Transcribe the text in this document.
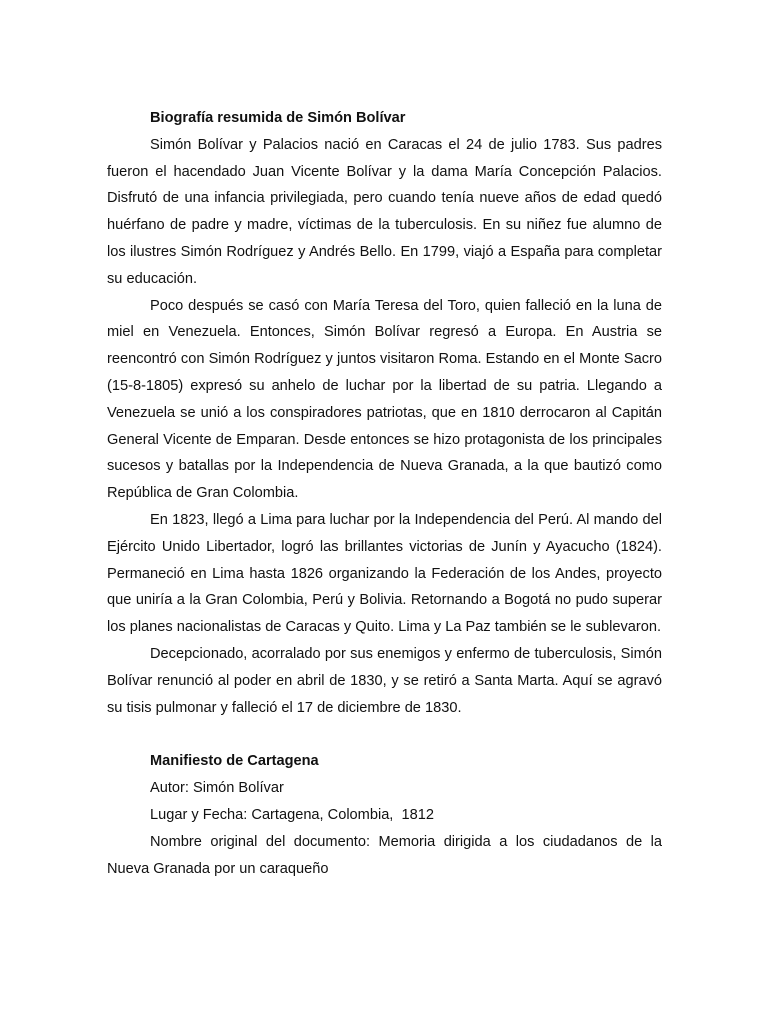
Biografía resumida de Simón Bolívar

Simón Bolívar y Palacios nació en Caracas el 24 de julio 1783. Sus padres fueron el hacendado Juan Vicente Bolívar y la dama María Concepción Palacios. Disfrutó de una infancia privilegiada, pero cuando tenía nueve años de edad quedó huérfano de padre y madre, víctimas de la tuberculosis. En su niñez fue alumno de los ilustres Simón Rodríguez y Andrés Bello. En 1799, viajó a España para completar su educación.

Poco después se casó con María Teresa del Toro, quien falleció en la luna de miel en Venezuela. Entonces, Simón Bolívar regresó a Europa. En Austria se reencontró con Simón Rodríguez y juntos visitaron Roma. Estando en el Monte Sacro (15-8-1805) expresó su anhelo de luchar por la libertad de su patria. Llegando a Venezuela se unió a los conspiradores patriotas, que en 1810 derrocaron al Capitán General Vicente de Emparan. Desde entonces se hizo protagonista de los principales sucesos y batallas por la Independencia de Nueva Granada, a la que bautizó como República de Gran Colombia.

En 1823, llegó a Lima para luchar por la Independencia del Perú. Al mando del Ejército Unido Libertador, logró las brillantes victorias de Junín y Ayacucho (1824). Permaneció en Lima hasta 1826 organizando la Federación de los Andes, proyecto que uniría a la Gran Colombia, Perú y Bolivia. Retornando a Bogotá no pudo superar los planes nacionalistas de Caracas y Quito. Lima y La Paz también se le sublevaron.

Decepcionado, acorralado por sus enemigos y enfermo de tuberculosis, Simón Bolívar renunció al poder en abril de 1830, y se retiró a Santa Marta. Aquí se agravó su tisis pulmonar y falleció el 17 de diciembre de 1830.

Manifiesto de Cartagena

Autor: Simón Bolívar

Lugar y Fecha: Cartagena, Colombia,  1812

Nombre original del documento: Memoria dirigida a los ciudadanos de la Nueva Granada por un caraqueño
